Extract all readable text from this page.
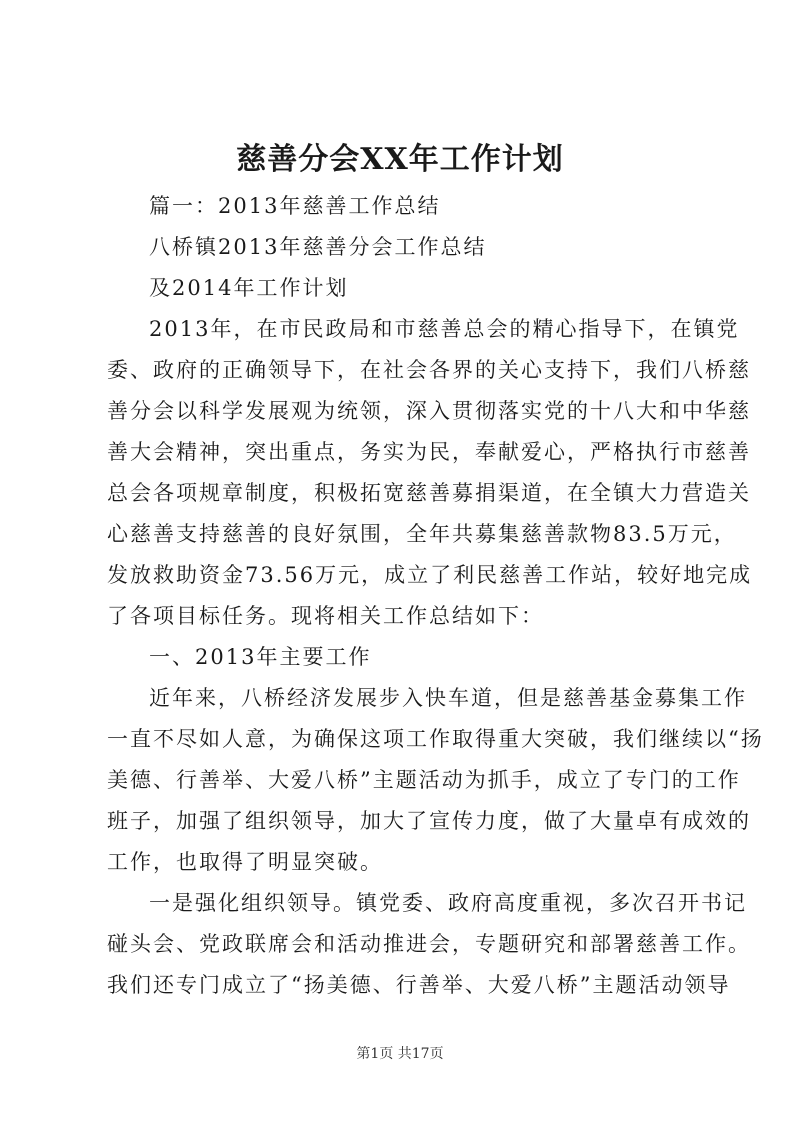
慈善分会XX年工作计划
篇一：2013年慈善工作总结
八桥镇2013年慈善分会工作总结
及2014年工作计划
2013年，在市民政局和市慈善总会的精心指导下，在镇党
委、政府的正确领导下，在社会各界的关心支持下，我们八桥慈
善分会以科学发展观为统领，深入贯彻落实党的十八大和中华慈
善大会精神，突出重点，务实为民，奉献爱心，严格执行市慈善
总会各项规章制度，积极拓宽慈善募捐渠道，在全镇大力营造关
心慈善支持慈善的良好氛围，全年共募集慈善款物83.5万元，
发放救助资金73.56万元，成立了利民慈善工作站，较好地完成
了各项目标任务。现将相关工作总结如下：
一、2013年主要工作
近年来，八桥经济发展步入快车道，但是慈善基金募集工作
一直不尽如人意，为确保这项工作取得重大突破，我们继续以“扬
美德、行善举、大爱八桥”主题活动为抓手，成立了专门的工作
班子，加强了组织领导，加大了宣传力度，做了大量卓有成效的
工作，也取得了明显突破。
一是强化组织领导。镇党委、政府高度重视，多次召开书记
碰头会、党政联席会和活动推进会，专题研究和部署慈善工作。
我们还专门成立了“扬美德、行善举、大爱八桥”主题活动领导
第1页 共17页
